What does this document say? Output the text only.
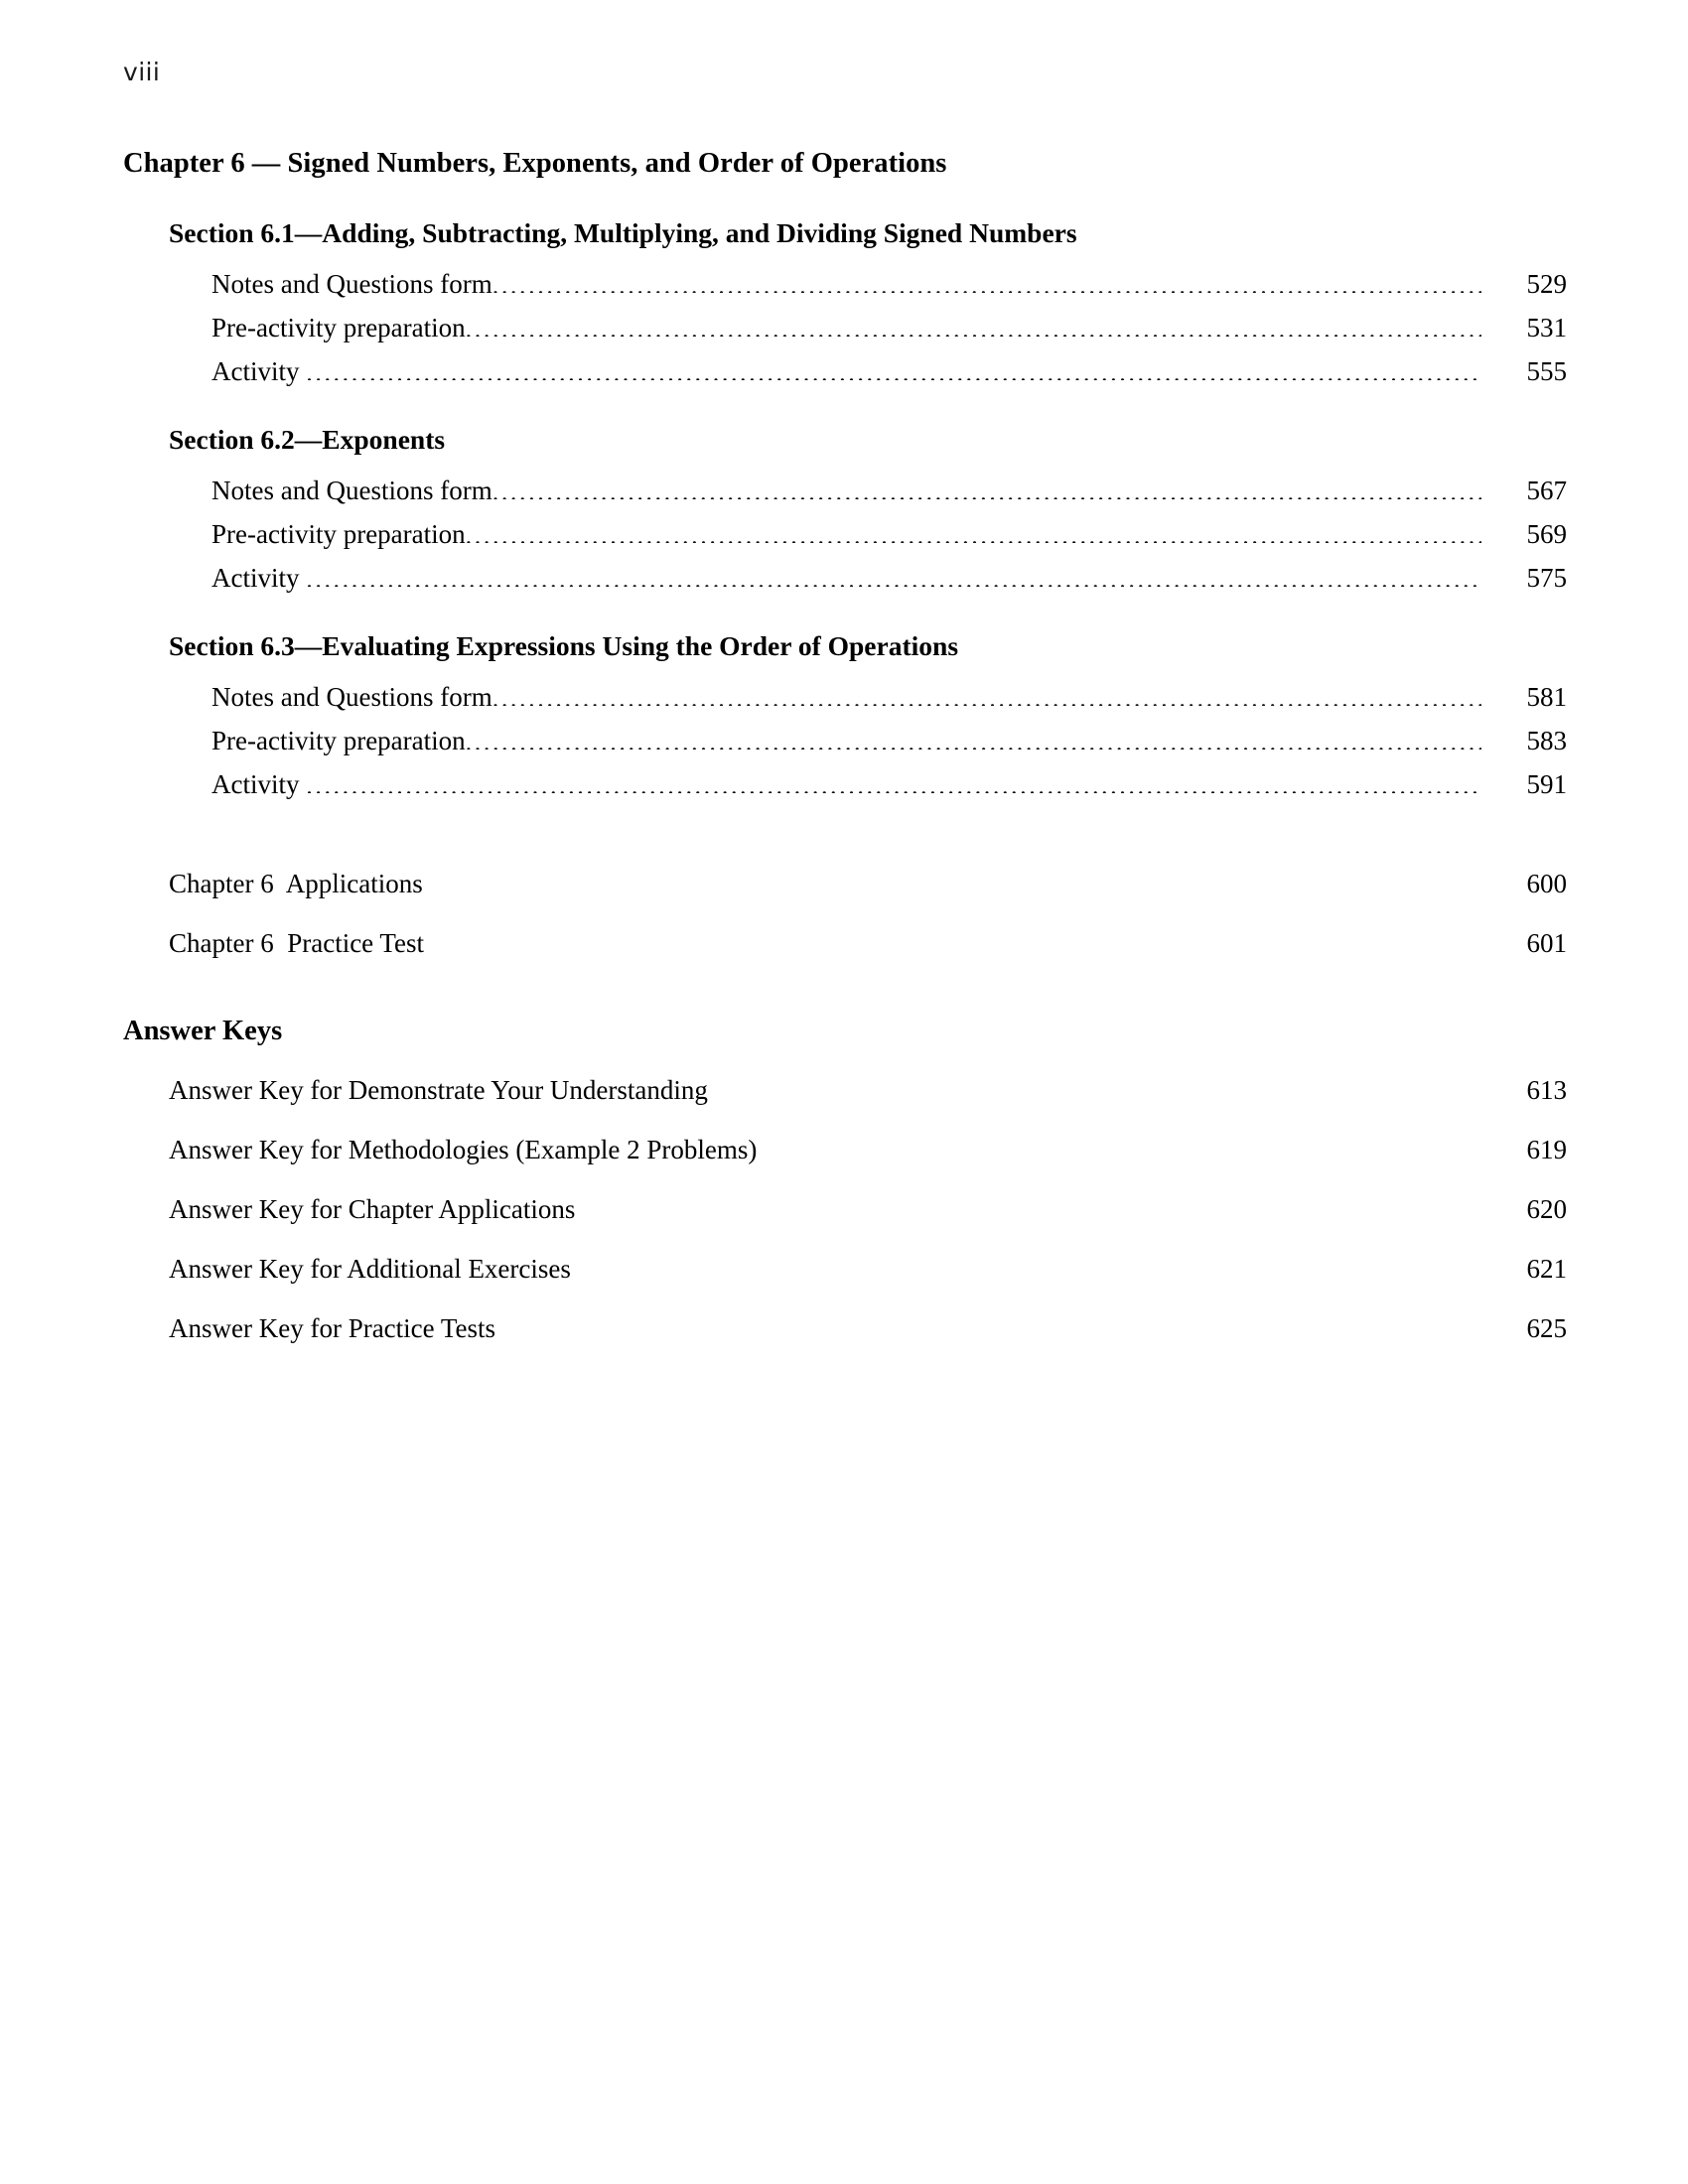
viii
Chapter 6 — Signed Numbers, Exponents, and Order of Operations
Section 6.1—Adding, Subtracting, Multiplying, and Dividing Signed Numbers
Notes and Questions form .....	529
Pre-activity preparation .....	531
Activity .....	555
Section 6.2—Exponents
Notes and Questions form .....	567
Pre-activity preparation .....	569
Activity .....	575
Section 6.3—Evaluating Expressions Using the Order of Operations
Notes and Questions form .....	581
Pre-activity preparation .....	583
Activity .....	591
Chapter 6  Applications .....	600
Chapter 6  Practice Test .....	601
Answer Keys
Answer Key for Demonstrate Your Understanding .....	613
Answer Key for Methodologies (Example 2 Problems) .....	619
Answer Key for Chapter Applications .....	620
Answer Key for Additional Exercises .....	621
Answer Key for Practice Tests .....	625
